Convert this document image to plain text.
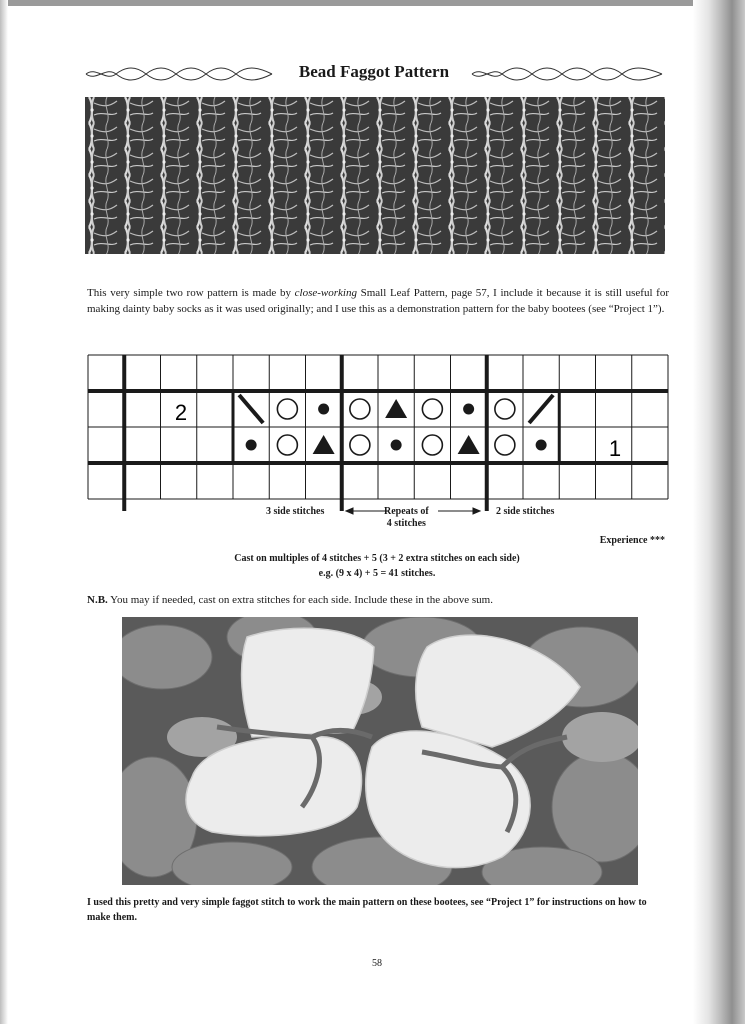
Bead Faggot Pattern
This very simple two row pattern is made by close-working Small Leaf Pattern, page 57, I include it because it is still useful for making dainty baby socks as it was used originally; and I use this as a demonstration pattern for the baby bootees (see “Project 1”).
2
1
3 side stitches	Repeats of
4 stitches
2 side stitches
Experience ***
Cast on multiples of 4 stitches + 5 (3 + 2 extra stitches on each side)
e.g. (9 x 4) + 5 = 41 stitches.
N.B. You may if needed, cast on extra stitches for each side. Include these in the above sum.
I used this pretty and very simple faggot stitch to work the main pattern on these bootees, see “Project 1” for instructions on how to make them.
58
